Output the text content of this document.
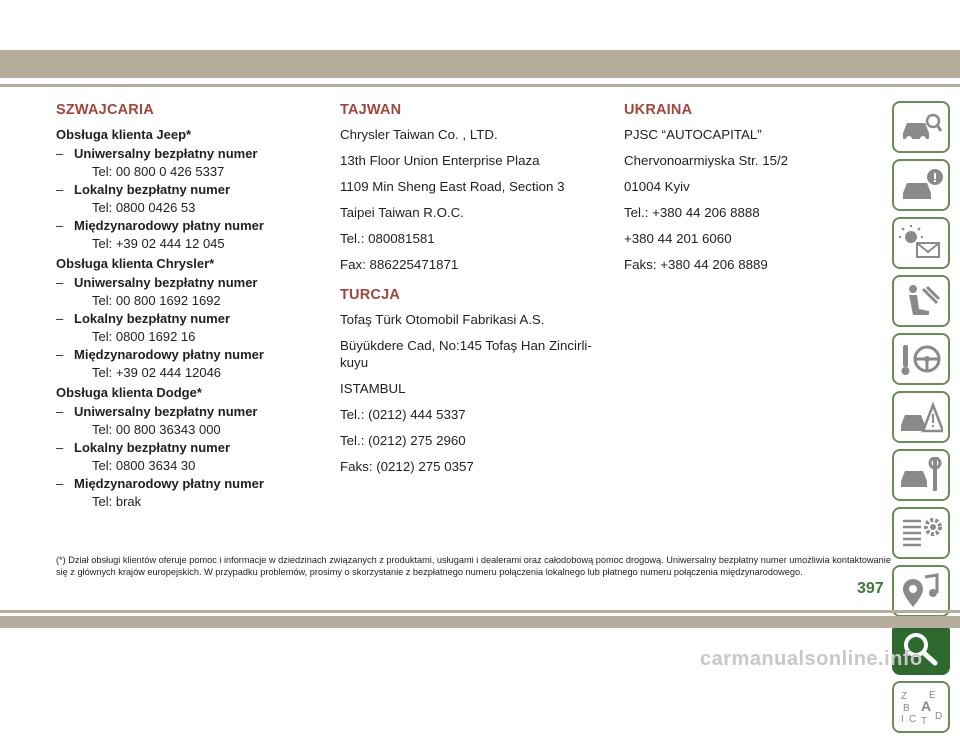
SZWAJCARIA
Obsługa klienta Jeep*
– Uniwersalny bezpłatny numer
Tel: 00 800 0 426 5337
– Lokalny bezpłatny numer
Tel: 0800 0426 53
– Międzynarodowy płatny numer
Tel: +39 02 444 12 045
Obsługa klienta Chrysler*
– Uniwersalny bezpłatny numer
Tel: 00 800 1692 1692
– Lokalny bezpłatny numer
Tel: 0800 1692 16
– Międzynarodowy płatny numer
Tel: +39 02 444 12046
Obsługa klienta Dodge*
– Uniwersalny bezpłatny numer
Tel: 00 800 36343 000
– Lokalny bezpłatny numer
Tel: 0800 3634 30
– Międzynarodowy płatny numer
Tel: brak
TAJWAN

Chrysler Taiwan Co. , LTD.

13th Floor Union Enterprise Plaza

1109 Min Sheng East Road, Section 3

Taipei Taiwan R.O.C.

Tel.: 080081581

Fax: 886225471871

TURCJA

Tofaş Türk Otomobil Fabrikasi A.S.

Büyükdere Cad, No:145 Tofaş Han Zincirli-kuyu

ISTAMBUL

Tel.: (0212) 444 5337

Tel.: (0212) 275 2960

Faks: (0212) 275 0357

UKRAINA

PJSC “AUTOCAPITAL”

Chervonoarmiyska Str. 15/2

01004 Kyiv

Tel.: +380 44 206 8888

+380 44 201 6060

Faks: +380 44 206 8889

Z E
B A
C D
I T
(*) Dział obsługi klientów oferuje pomoc i informacje w dziedzinach związanych z produktami, usługami i dealerami oraz całodobową pomoc drogową. Uniwersalny bezpłatny numer umożliwia kontaktowanie się z głównych krajów europejskich. W przypadku problemów, prosimy o skorzystanie z bezpłatnego numeru połączenia lokalnego lub płatnego numeru połączenia międzynarodowego.
397
carmanualsonline.info
